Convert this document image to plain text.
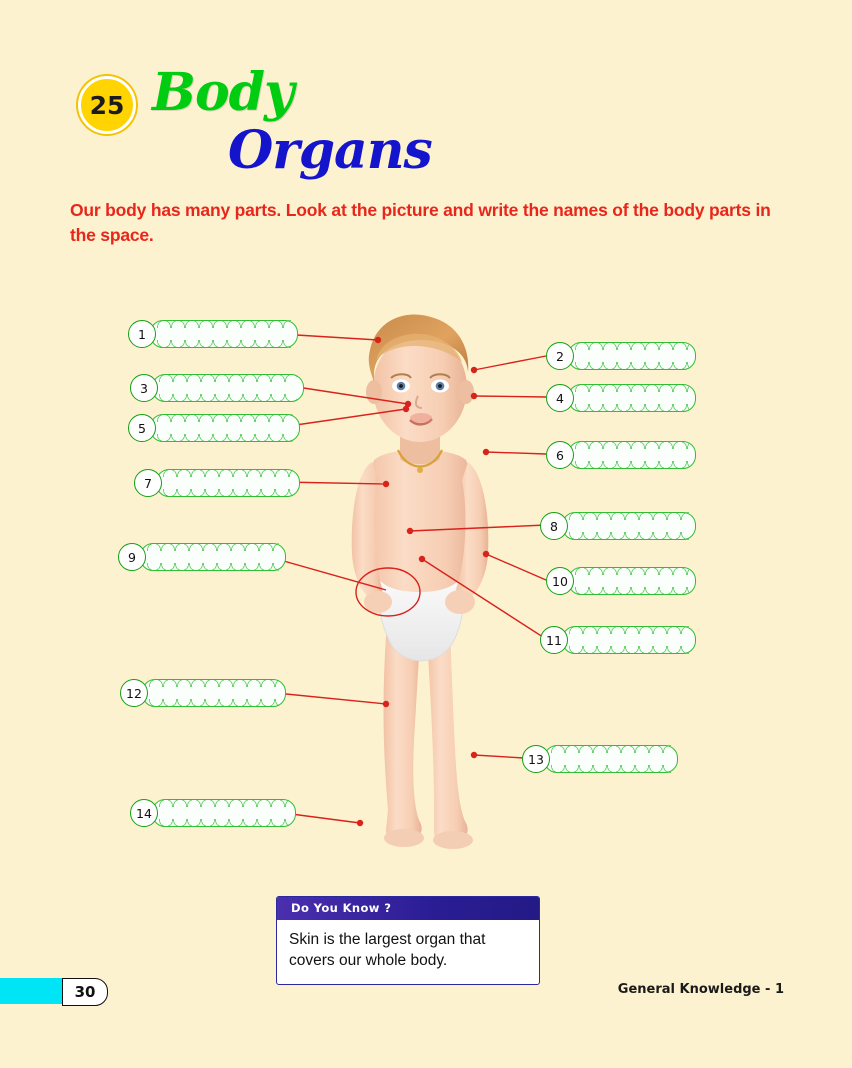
25 Body
Organs
Our body has many parts. Look at the picture and write the names of the body parts in the space.
1
2
3
4
5
6
7
8
9
10
11
12
13
14
Do You Know ?
Skin is the largest organ that covers our whole body.
30	General Knowledge - 1
